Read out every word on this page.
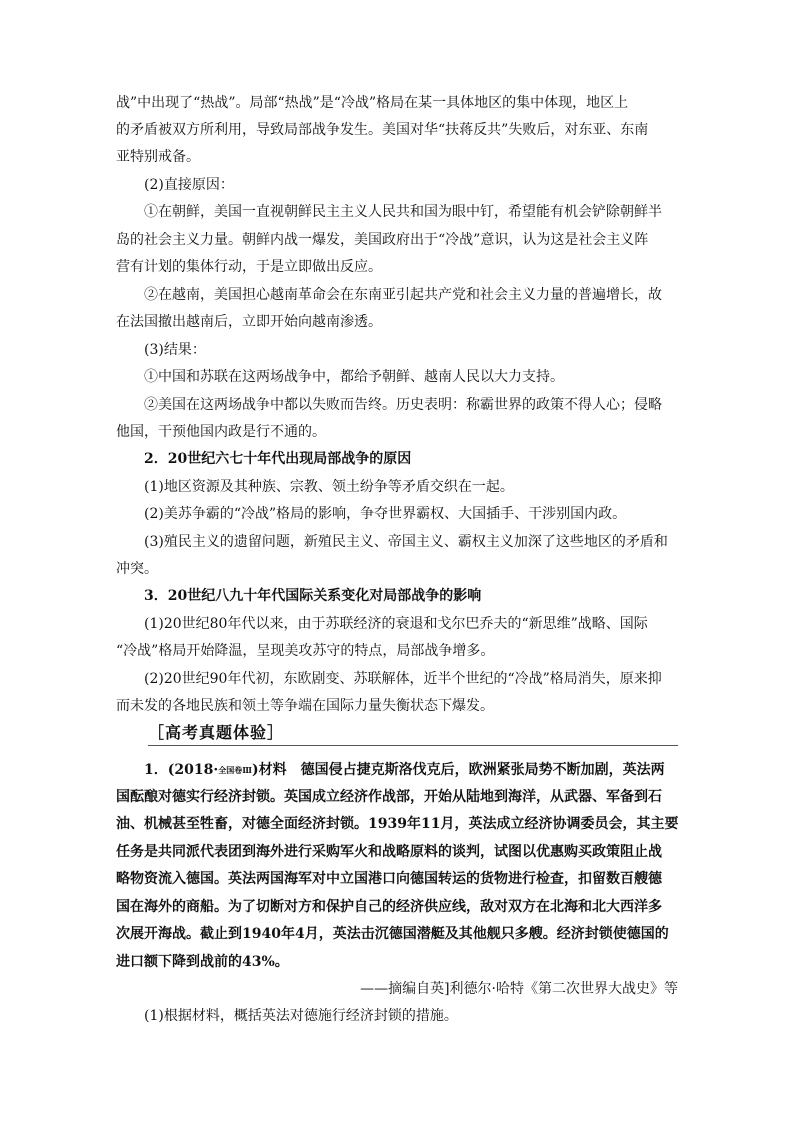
战”中出现了“热战”。局部“热战”是“冷战”格局在某一具体地区的集中体现，地区上
的矛盾被双方所利用，导致局部战争发生。美国对华“扶蒋反共”失败后，对东亚、东南
亚特别戒备。
　　(2)直接原因：
　　①在朝鲜，美国一直视朝鲜民主主义人民共和国为眼中钉，希望能有机会铲除朝鲜半
岛的社会主义力量。朝鲜内战一爆发，美国政府出于“冷战”意识，认为这是社会主义阵
营有计划的集体行动，于是立即做出反应。
　　②在越南，美国担心越南革命会在东南亚引起共产党和社会主义力量的普遍增长，故
在法国撤出越南后，立即开始向越南渗透。
　　(3)结果：
　　①中国和苏联在这两场战争中，都给予朝鲜、越南人民以大力支持。
　　②美国在这两场战争中都以失败而告终。历史表明：称霸世界的政策不得人心；侵略
他国，干预他国内政是行不通的。
　　2．20世纪六七十年代出现局部战争的原因
　　(1)地区资源及其种族、宗教、领土纷争等矛盾交织在一起。
　　(2)美苏争霸的“冷战”格局的影响，争夺世界霸权、大国插手、干涉别国内政。
　　(3)殖民主义的遗留问题，新殖民主义、帝国主义、霸权主义加深了这些地区的矛盾和
冲突。
　　3．20世纪八九十年代国际关系变化对局部战争的影响
　　(1)20世纪80年代以来，由于苏联经济的衰退和戈尔巴乔夫的“新思维”战略、国际
“冷战”格局开始降温，呈现美攻苏守的特点，局部战争增多。
　　(2)20世纪90年代初，东欧剧变、苏联解体，近半个世纪的“冷战”格局消失，原来抑
而未发的各地民族和领土等争端在国际力量失衡状态下爆发。
［高考真题体验］
　　1．(2018·全国卷Ⅲ)材料　德国侵占捷克斯洛伐克后，欧洲紧张局势不断加剧，英法两
国酝酿对德实行经济封锁。英国成立经济作战部，开始从陆地到海洋，从武器、军备到石
油、机械甚至牲畜，对德全面经济封锁。1939年11月，英法成立经济协调委员会，其主要
任务是共同派代表团到海外进行采购军火和战略原料的谈判，试图以优惠购买政策阻止战
略物资流入德国。英法两国海军对中立国港口向德国转运的货物进行检查，扣留数百艘德
国在海外的商船。为了切断对方和保护自己的经济供应线，敌对双方在北海和北大西洋多
次展开海战。截止到1940年4月，英法击沉德国潜艇及其他舰只多艘。经济封锁使德国的
进口额下降到战前的43%。
——摘编自英]利德尔·哈特《第二次世界大战史》等
　　(1)根据材料，概括英法对德施行经济封锁的措施。
